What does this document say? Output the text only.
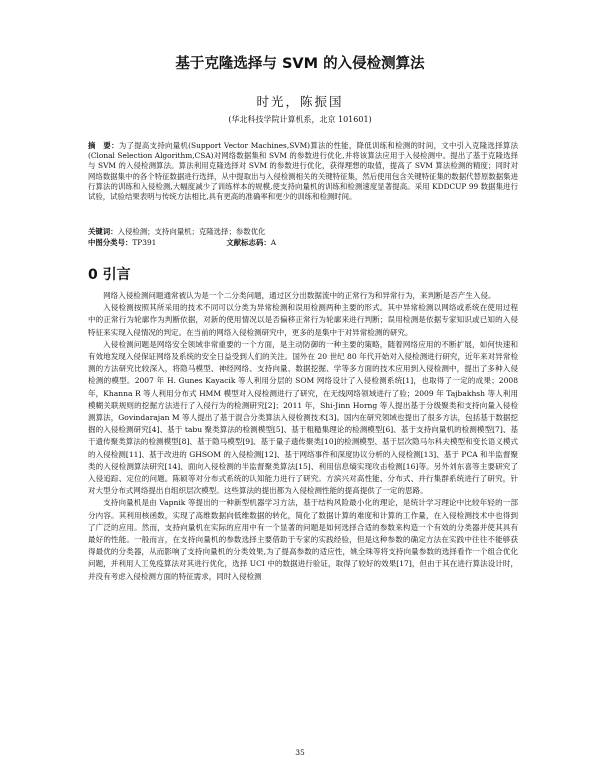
基于克隆选择与 SVM 的入侵检测算法
时光，陈振国
(华北科技学院计算机系，北京 101601)
摘　要：为了提高支持向量机(Support Vector Machines,SVM)算法的性能，降低训练和检测的时间，文中引入克隆选择算法(Clonal Selection Algorithm,CSA)对网络数据集和 SVM 的参数进行优化,并将该算法应用于入侵检测中。提出了基于克隆选择与 SVM 的入侵检测算法。算法利用克隆选择对 SVM 的参数进行优化，获得理想的取值，提高了 SVM 算法检测的精度；同时对网络数据集中的各个特征数据进行选择，从中提取出与入侵检测相关的关键特征集，然后使用包含关键特征集的数据代替原数据集进行算法的训练和入侵检测,大幅度减少了训练样本的规模,使支持向量机的训练和检测速度显著提高。采用 KDDCUP 99 数据集进行试验，试验结果表明与传统方法相比,具有更高的准确率和更少的训练和检测时间。
关键词：入侵检测；支持向量机；克隆选择；参数优化
中图分类号：TP391	文献标志码：A
0 引言

网络入侵检测问题通常被认为是一个二分类问题，通过区分出数据流中的正常行为和异常行为，来判断是否产生入侵。

入侵检测按照其所采用的技术不同可以分类为异常检测和误用检测两种主要的形式。其中异常检测以网络或系统在使用过程中的正常行为轮廓作为判断依据，对新的使用情况以是否偏移正常行为轮廓来进行判断；误用检测是依据专家知识或已知的入侵特征来实现入侵情况的判定。在当前的网络入侵检测研究中，更多的是集中于对异常检测的研究。

入侵检测问题是网络安全领域非常重要的一个方面，是主动防御的一种主要的策略，随着网络应用的不断扩展，如何快速和有效地发现入侵保证网络及系统的安全日益受到人们的关注。国外在 20 世纪 80 年代开始对入侵检测进行研究，近年来对异常检测的方法研究比较深入，将隐马模型、神经网络、支持向量、数据挖掘、学等多方面的技术应用到入侵检测中，提出了多种入侵检测的模型。2007 年 H. Gunes Kayacik 等人利用分层的 SOM 网络设计了入侵检测系统[1]，也取得了一定的成果；2008 年，Khanna R 等人利用分布式 HMM 模型对入侵检测进行了研究，在无线网络领域进行了验；2009 年 Tajbakhsh 等人利用模糊关联规则的挖掘方法进行了入侵行为的检测研究[2]；2011 年，Shi-Jinn Horng 等人提出基于分级聚类和支持向量入侵检测算法，Govindarajan M 等人提出了基于混合分类算法入侵检测技术[3]。国内在研究领域也提出了很多方法，包括基于数据挖掘的入侵检测研究[4]、基于 tabu 聚类算法的检测模型[5]、基于粗糙集理论的检测模型[6]、基于支持向量机的检测模型[7]、基于遗传聚类算法的检测模型[8]、基于隐马模型[9]、基于量子遗传聚类[10]的检测模型、基于层次隐马尔科夫模型和变长语义模式的入侵检测[11]、基于改进的 GHSOM 的入侵检测[12]、基于网络事件和深度协议分析的入侵检测[13]、基于 PCA 和半监督聚类的入侵检测算法研究[14]、面向入侵检测的半监督聚类算法[15]、利用信息熵实现攻击检测[16]等。另外刘东喜等主要研究了入侵追踪、定位的问题。陈硕等对分布式系统的认知能力进行了研究。方滨兴对高性能、分布式、并行集群系统进行了研究，针对大型分布式网络提出自组织层次模型。这些算法的提出都为入侵检测性能的提高提供了一定的思路。

支持向量机是由 Vapnik 等提出的一种新型机器学习方法，基于结构风险最小化的理论，是统计学习理论中比较年轻的一部分内容。其利用核函数，实现了高维数据向低维数据的转化，简化了数据计算的难度和计算的工作量，在入侵检测技术中也得到了广泛的应用。然而，支持向量机在实际的应用中有一个显著的问题是如何选择合适的参数来构造一个有效的分类器并使其具有最好的性能。一般而言，在支持向量机的参数选择主要借助于专家的实践经验，但是这种参数的确定方法在实践中往往不能够获得最优的分类器，从而影响了支持向量机的分类效果,为了提高参数的适应性，姚全珠等将支持向量参数的选择看作一个组合优化问题，并利用人工免疫算法对其进行优化，选择 UCI 中的数据进行验证，取得了较好的效果[17]，但由于其在进行算法设计时，并没有考虑入侵检测方面的特征需求，同时入侵检测

35
